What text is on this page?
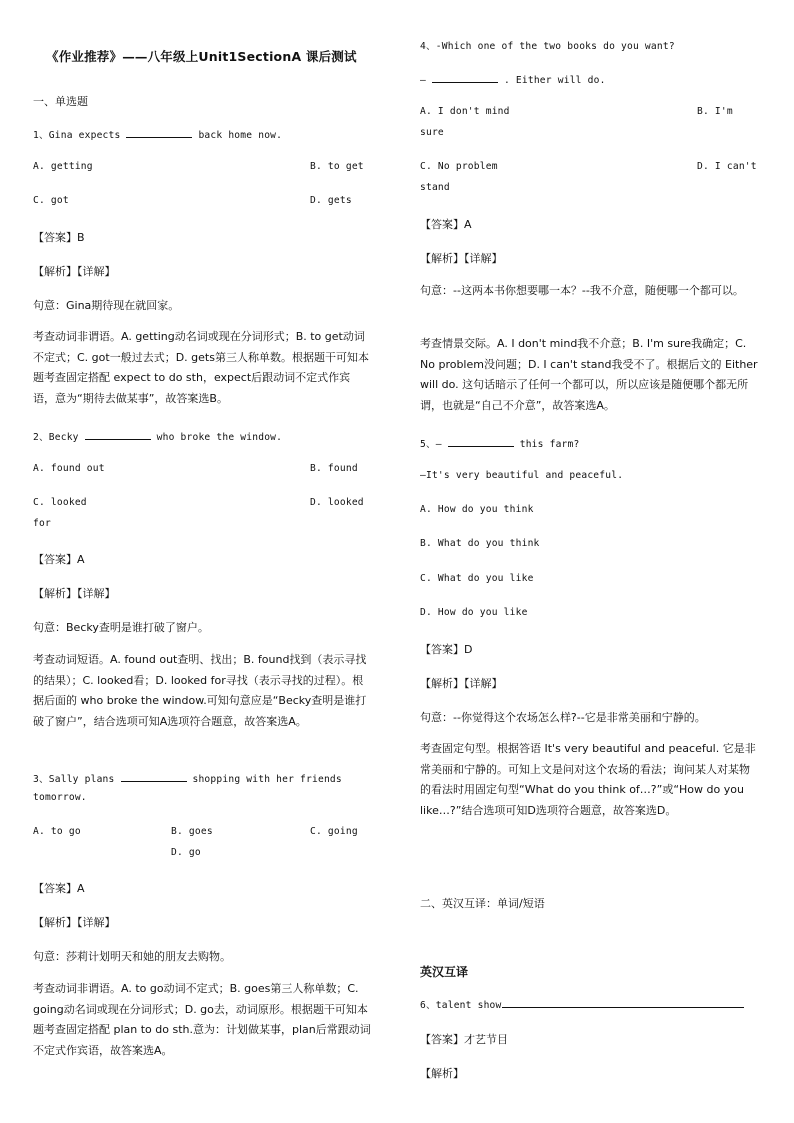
《作业推荐》——八年级上Unit1SectionA 课后测试
一、单选题
1、Gina expects	back home now.
A. getting	B. to get
C. got	D. gets
【答案】B
【解析】【详解】
句意：Gina期待现在就回家。
考查动词非谓语。A. getting动名词或现在分词形式；B. to get动词不定式；C. got一般过去式；D. gets第三人称单数。根据题干可知本题考查固定搭配 expect to do sth，expect后跟动词不定式作宾语，意为“期待去做某事”，故答案选B。
2、Becky	who broke the window.
A. found out	B. found
C. looked	D. looked
for
【答案】A
【解析】【详解】
句意：Becky查明是谁打破了窗户。
考查动词短语。A. found out查明、找出；B. found找到（表示寻找的结果）；C. looked看；D. looked for寻找（表示寻找的过程）。根据后面的 who broke the window.可知句意应是“Becky查明是谁打破了窗户”，结合选项可知A选项符合题意，故答案选A。
3、Sally plans	shopping with her friends
tomorrow.
A. to go	B. goes	C. going
D. go
【答案】A
【解析】【详解】
句意：莎莉计划明天和她的朋友去购物。
考查动词非谓语。A. to go动词不定式；B. goes第三人称单数；C. going动名词或现在分词形式；D. go去，动词原形。根据题干可知本题考查固定搭配 plan to do sth.意为：计划做某事，plan后常跟动词不定式作宾语，故答案选A。
4、-Which one of the two books do you want?
–	. Either will do.
A. I don't mind	B. I'm
sure
C. No problem	D. I can't
stand
【答案】A
【解析】【详解】
句意：--这两本书你想要哪一本？--我不介意，随便哪一个都可以。
考查情景交际。A. I don't mind我不介意；B. I'm sure我确定；C. No problem没问题；D. I can't stand我受不了。根据后文的 Either will do. 这句话暗示了任何一个都可以，所以应该是随便哪个都无所谓，也就是“自己不介意”，故答案选A。
5、–	this farm?
–It's very beautiful and peaceful.
A. How do you think
B. What do you think
C. What do you like
D. How do you like
【答案】D
【解析】【详解】
句意：--你觉得这个农场怎么样?--它是非常美丽和宁静的。
考查固定句型。根据答语 It's very beautiful and peaceful. 它是非常美丽和宁静的。可知上文是问对这个农场的看法；询问某人对某物的看法时用固定句型“What do you think of…?”或“How do you like…?”结合选项可知D选项符合题意，故答案选D。
二、英汉互译：单词/短语
英汉互译
6、talent show
【答案】才艺节目
【解析】
